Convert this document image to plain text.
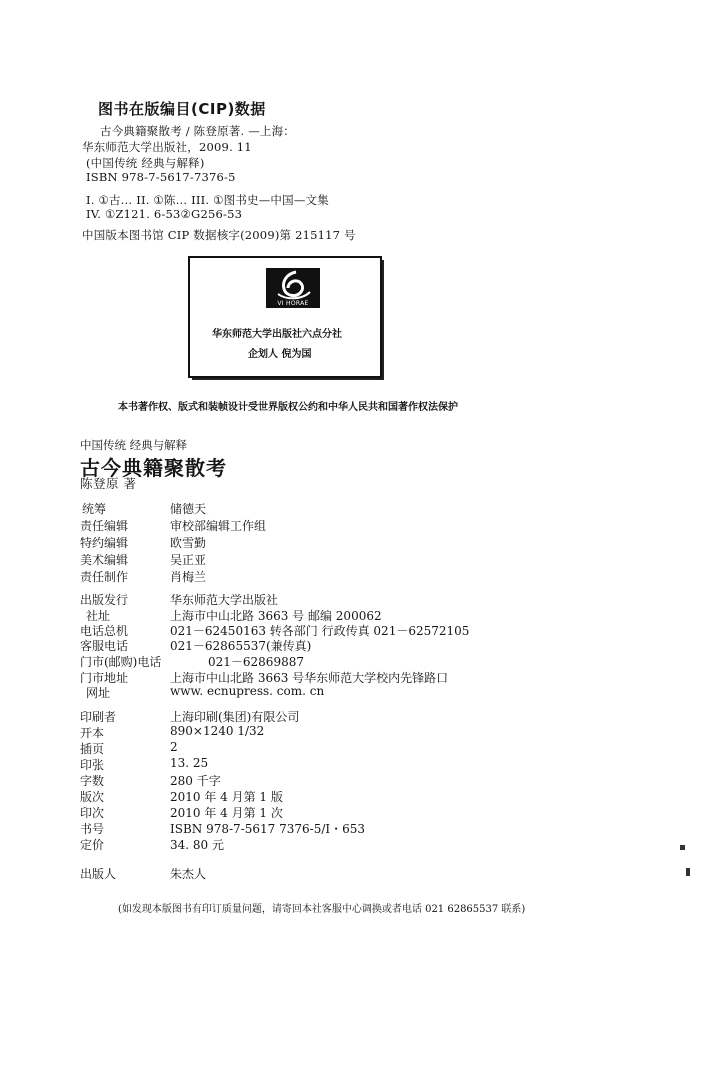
图书在版编目(CIP)数据
古今典籍聚散考 / 陈登原著. —上海：
华东师范大学出版社，2009. 11
(中国传统 经典与解释)
ISBN 978-7-5617-7376-5
I. ①古… II. ①陈… III. ①图书史—中国—文集
IV. ①Z121. 6-53②G256-53
中国版本图书馆 CIP 数据核字(2009)第 215117 号
VI HORAE
华东师范大学出版社六点分社
企划人 倪为国
本书著作权、版式和装帧设计受世界版权公约和中华人民共和国著作权法保护
中国传统 经典与解释
古今典籍聚散考
陈登原 著
统筹	储德天
责任编辑	审校部编辑工作组
特约编辑	欧雪勤
美术编辑	吴正亚
责任制作	肖梅兰
出版发行	华东师范大学出版社
社址	上海市中山北路 3663 号 邮编 200062
电话总机	021－62450163 转各部门 行政传真 021－62572105
客服电话	021－62865537(兼传真)
门市(邮购)电话	021－62869887
门市地址	上海市中山北路 3663 号华东师范大学校内先锋路口
网址	www. ecnupress. com. cn
印刷者	上海印刷(集团)有限公司
开本	890×1240 1/32
插页	2
印张	13. 25
字数	280 千字
版次	2010 年 4 月第 1 版
印次	2010 年 4 月第 1 次
书号	ISBN 978-7-5617 7376-5/I・653
定价	34. 80 元
出版人	朱杰人
(如发现本版图书有印订质量问题，请寄回本社客服中心调换或者电话 021 62865537 联系)
